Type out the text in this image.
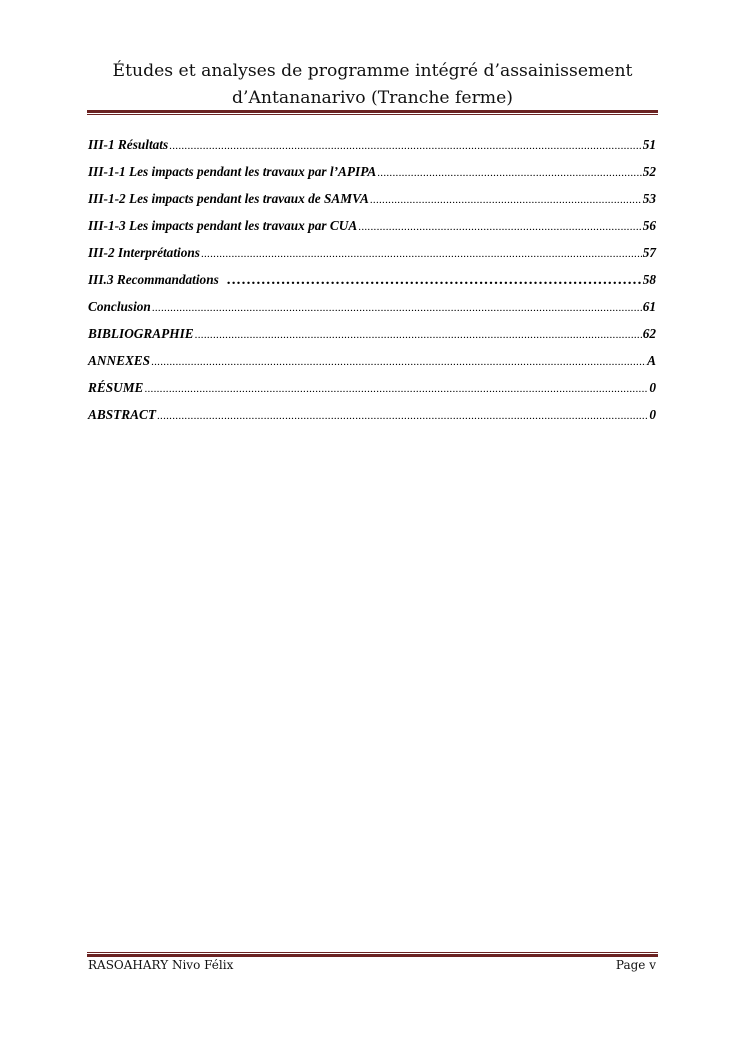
Études et analyses de programme intégré d’assainissement
d’Antananarivo (Tranche ferme)
III-1 Résultats .....	51
III-1-1 Les impacts pendant les travaux par l’APIPA .....	52
III-1-2 Les impacts pendant les travaux de SAMVA .....	53
III-1-3 Les impacts pendant les travaux par CUA .....	56
III-2 Interprétations .....	57
III.3 Recommandations .....	58
Conclusion .....	61
BIBLIOGRAPHIE .....	62
ANNEXES .....	A
RÉSUME .....	0
ABSTRACT .....	0
RASOAHARY Nivo Félix	Page v
